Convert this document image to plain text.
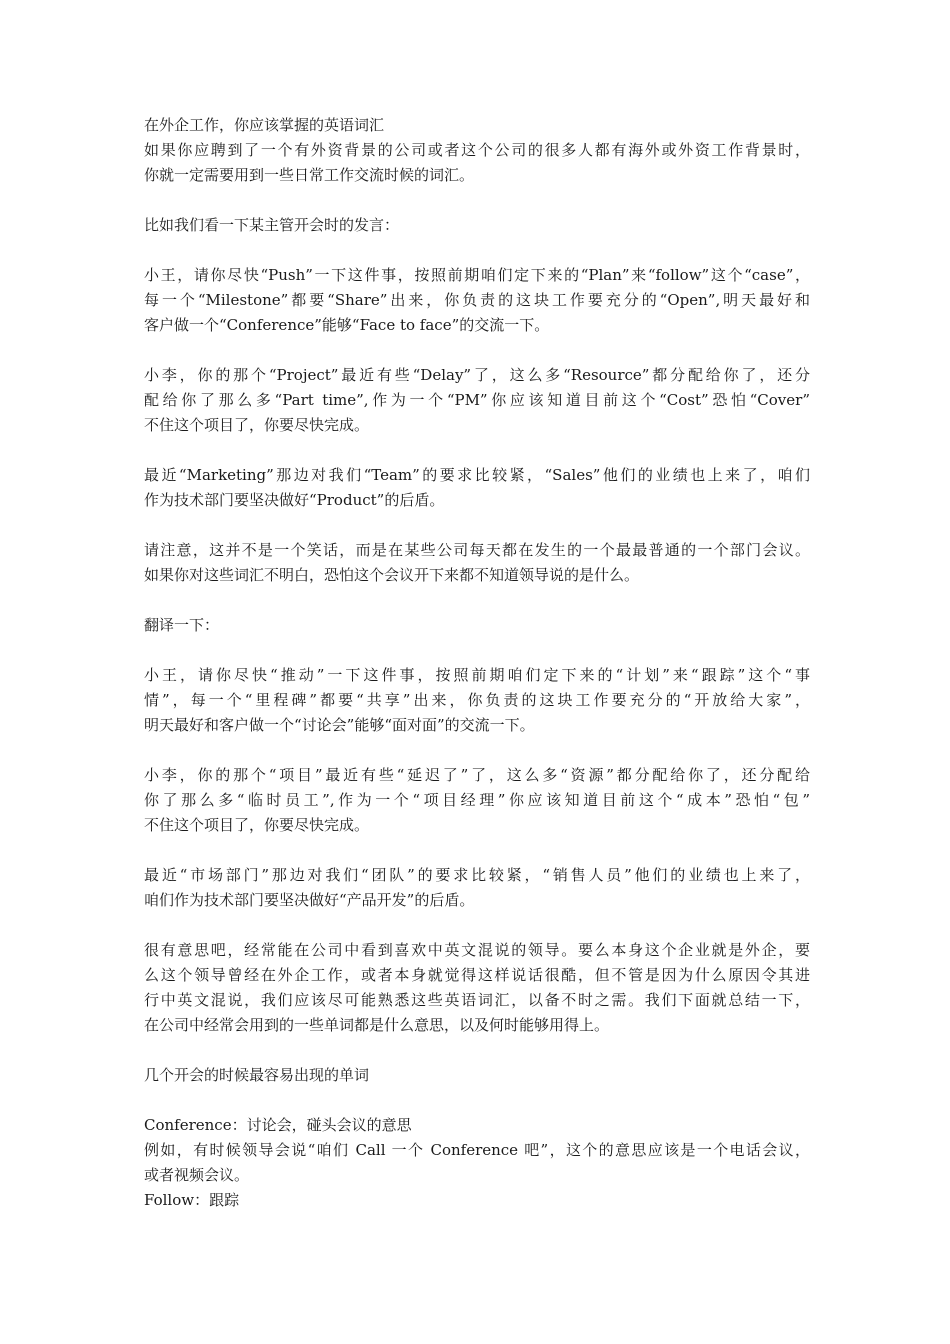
在外企工作，你应该掌握的英语词汇
如果你应聘到了一个有外资背景的公司或者这个公司的很多人都有海外或外资工作背景时，
你就一定需要用到一些日常工作交流时候的词汇。
比如我们看一下某主管开会时的发言：
小王，请你尽快“Push”一下这件事，按照前期咱们定下来的“Plan”来“follow”这个“case”，
每一个“Milestone”都要“Share”出来，你负责的这块工作要充分的“Open”,明天最好和
客户做一个“Conference”能够“Face to face”的交流一下。
小李，你的那个“Project”最近有些“Delay”了，这么多“Resource”都分配给你了，还分
配给你了那么多“Part time”,作为一个“PM”你应该知道目前这个“Cost”恐怕“Cover”
不住这个项目了，你要尽快完成。
最近“Marketing”那边对我们“Team”的要求比较紧，“Sales”他们的业绩也上来了，咱们
作为技术部门要坚决做好“Product”的后盾。
请注意，这并不是一个笑话，而是在某些公司每天都在发生的一个最最普通的一个部门会议。
如果你对这些词汇不明白，恐怕这个会议开下来都不知道领导说的是什么。
翻译一下：
小王，请你尽快“推动”一下这件事，按照前期咱们定下来的“计划”来“跟踪”这个“事
情”，每一个“里程碑”都要“共享”出来，你负责的这块工作要充分的“开放给大家”，
明天最好和客户做一个“讨论会”能够“面对面”的交流一下。
小李，你的那个“项目”最近有些“延迟了”了，这么多“资源”都分配给你了，还分配给
你了那么多“临时员工”,作为一个“项目经理”你应该知道目前这个“成本”恐怕“包”
不住这个项目了，你要尽快完成。
最近“市场部门”那边对我们“团队”的要求比较紧，“销售人员”他们的业绩也上来了，
咱们作为技术部门要坚决做好“产品开发”的后盾。
很有意思吧，经常能在公司中看到喜欢中英文混说的领导。要么本身这个企业就是外企，要
么这个领导曾经在外企工作，或者本身就觉得这样说话很酷，但不管是因为什么原因令其进
行中英文混说，我们应该尽可能熟悉这些英语词汇，以备不时之需。我们下面就总结一下，
在公司中经常会用到的一些单词都是什么意思，以及何时能够用得上。
几个开会的时候最容易出现的单词
Conference：讨论会，碰头会议的意思
例如，有时候领导会说“咱们 Call 一个 Conference 吧”，这个的意思应该是一个电话会议，
或者视频会议。
Follow：跟踪
